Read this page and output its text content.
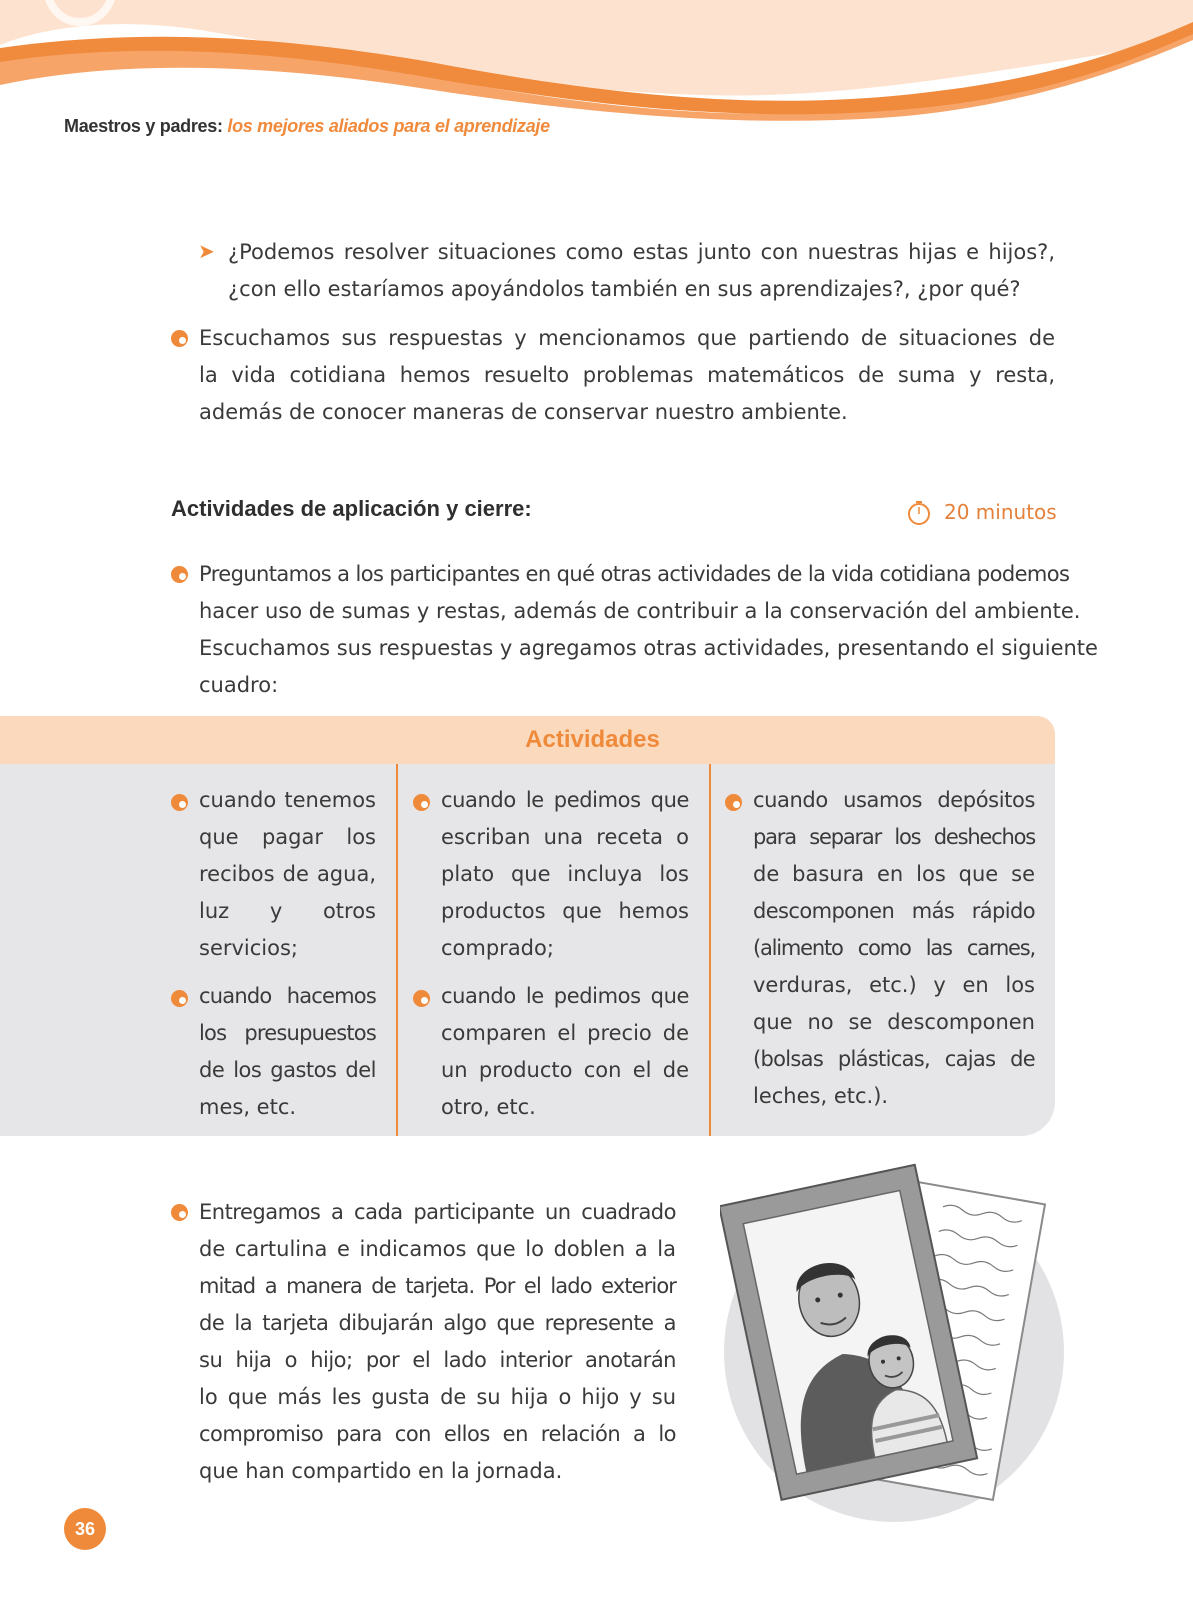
Maestros y padres: los mejores aliados para el aprendizaje
➤ ¿Podemos resolver situaciones como estas junto con nuestras hijas e hijos?,
¿con ello estaríamos apoyándolos también en sus aprendizajes?, ¿por qué?
Escuchamos sus respuestas y mencionamos que partiendo de situaciones de
la vida cotidiana hemos resuelto problemas matemáticos de suma y resta,
además de conocer maneras de conservar nuestro ambiente.
Actividades de aplicación y cierre:	20 minutos
Preguntamos a los participantes en qué otras actividades de la vida cotidiana podemos
hacer uso de sumas y restas, además de contribuir a la conservación del ambiente.
Escuchamos sus respuestas y agregamos otras actividades, presentando el siguiente
cuadro:
Actividades
cuando tenemos
que pagar los
recibos de agua,
luz y otros
servicios;
cuando hacemos
los presupuestos
de los gastos del
mes, etc.
cuando le pedimos que
escriban una receta o
plato que incluya los
productos que hemos
comprado;
cuando le pedimos que
comparen el precio de
un producto con el de
otro, etc.
cuando usamos depósitos
para separar los deshechos
de basura en los que se
descomponen más rápido
(alimento como las carnes,
verduras, etc.) y en los
que no se descomponen
(bolsas plásticas, cajas de
leches, etc.).
Entregamos a cada participante un cuadrado
de cartulina e indicamos que lo doblen a la
mitad a manera de tarjeta. Por el lado exterior
de la tarjeta dibujarán algo que represente a
su hija o hijo; por el lado interior anotarán
lo que más les gusta de su hija o hijo y su
compromiso para con ellos en relación a lo
que han compartido en la jornada.
36
